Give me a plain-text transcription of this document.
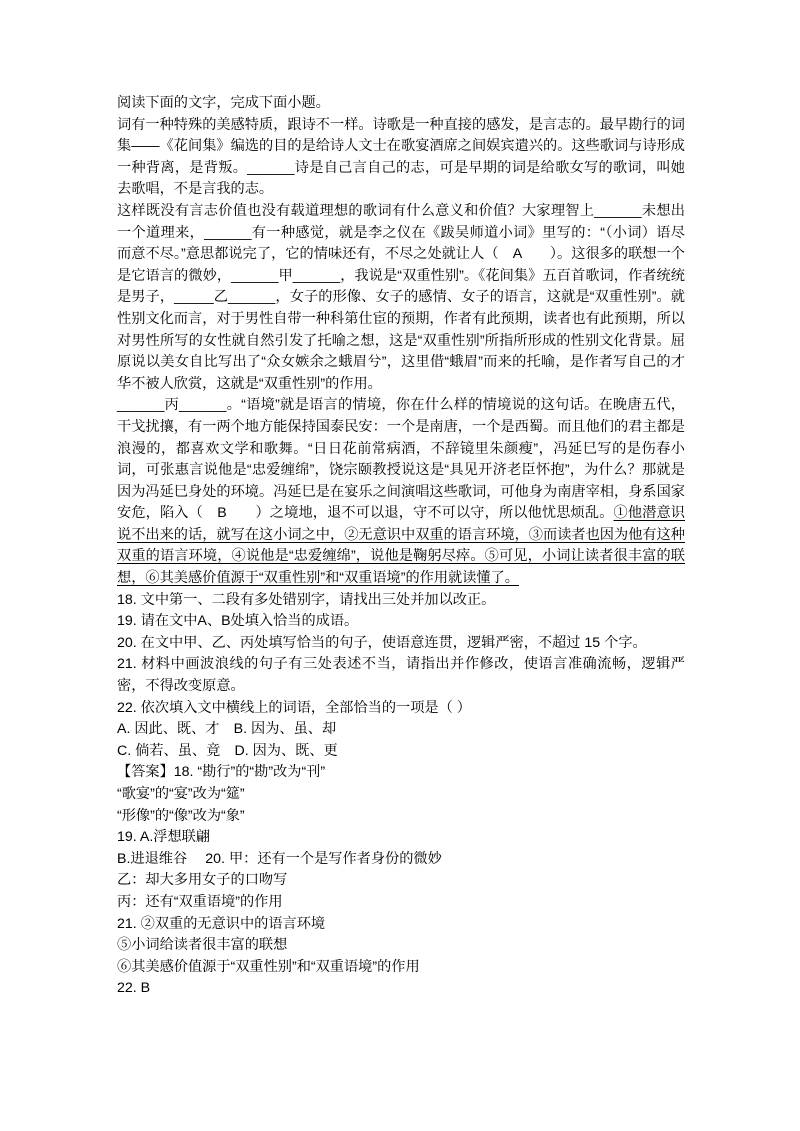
阅读下面的文字，完成下面小题。

词有一种特殊的美感特质，跟诗不一样。诗歌是一种直接的感发，是言志的。最早勘行的词集——《花间集》编选的目的是给诗人文士在歌宴酒席之间娱宾遣兴的。这些歌词与诗形成一种背离，是背叛。______诗是自己言自己的志，可是早期的词是给歌女写的歌词，叫她去歌唱，不是言我的志。

这样既没有言志价值也没有载道理想的歌词有什么意义和价值？大家理智上______未想出一个道理来，______有一种感觉，就是李之仪在《跋吴师道小词》里写的：“（小词）语尽而意不尽。”意思都说完了，它的情味还有，不尽之处就让人（　A　　）。这很多的联想一个是它语言的微妙，______甲______，我说是“双重性别”。《花间集》五百首歌词，作者统统是男子，_____乙______，女子的形像、女子的感情、女子的语言，这就是“双重性别”。就性别文化而言，对于男性自带一种科第仕宦的预期，作者有此预期，读者也有此预期，所以对男性所写的女性就自然引发了托喻之想，这是“双重性别”所指所形成的性别文化背景。屈原说以美女自比写出了“众女嫉余之蛾眉兮”，这里借“蛾眉”而来的托喻，是作者写自己的才华不被人欣赏，这就是“双重性别”的作用。

______丙______。“语境”就是语言的情境，你在什么样的情境说的这句话。在晚唐五代，干戈扰攘，有一两个地方能保持国泰民安：一个是南唐，一个是西蜀。而且他们的君主都是浪漫的，都喜欢文学和歌舞。“日日花前常病酒，不辞镜里朱颜瘦”，冯延巳写的是伤春小词，可张惠言说他是“忠爱缠绵”，饶宗颐教授说这是“具见开济老臣怀抱”，为什么？那就是因为冯延巳身处的环境。冯延巳是在宴乐之间演唱这些歌词，可他身为南唐宰相，身系国家安危，陷入（　B　　）之境地，退不可以退，守不可以守，所以他忧思烦乱。①他潜意识说不出来的话，就写在这小词之中，②无意识中双重的语言环境，③而读者也因为他有这种双重的语言环境，④说他是“忠爱缠绵”，说他是鞠躬尽瘁。⑤可见，小词让读者很丰富的联想，⑥其美感价值源于“双重性别”和“双重语境”的作用就读懂了。

18. 文中第一、二段有多处错别字，请找出三处并加以改正。

19. 请在文中A、B处填入恰当的成语。

20. 在文中甲、乙、丙处填写恰当的句子，使语意连贯，逻辑严密，不超过 15 个字。

21. 材料中画波浪线的句子有三处表述不当，请指出并作修改，使语言准确流畅，逻辑严密，不得改变原意。

22. 依次填入文中横线上的词语，全部恰当的一项是（ ）

A. 因此、既、才　B. 因为、虽、却

C. 倘若、虽、竟　D. 因为、既、更

【答案】18. “勘行”的“勘”改为“刊”

“歌宴”的“宴”改为“筵”

“形像”的“像”改为“象”

19. A.浮想联翩

B.进退维谷　 20. 甲：还有一个是写作者身份的微妙

乙：却大多用女子的口吻写

丙：还有“双重语境”的作用

21. ②双重的无意识中的语言环境

⑤小词给读者很丰富的联想

⑥其美感价值源于“双重性别”和“双重语境”的作用

22. B
